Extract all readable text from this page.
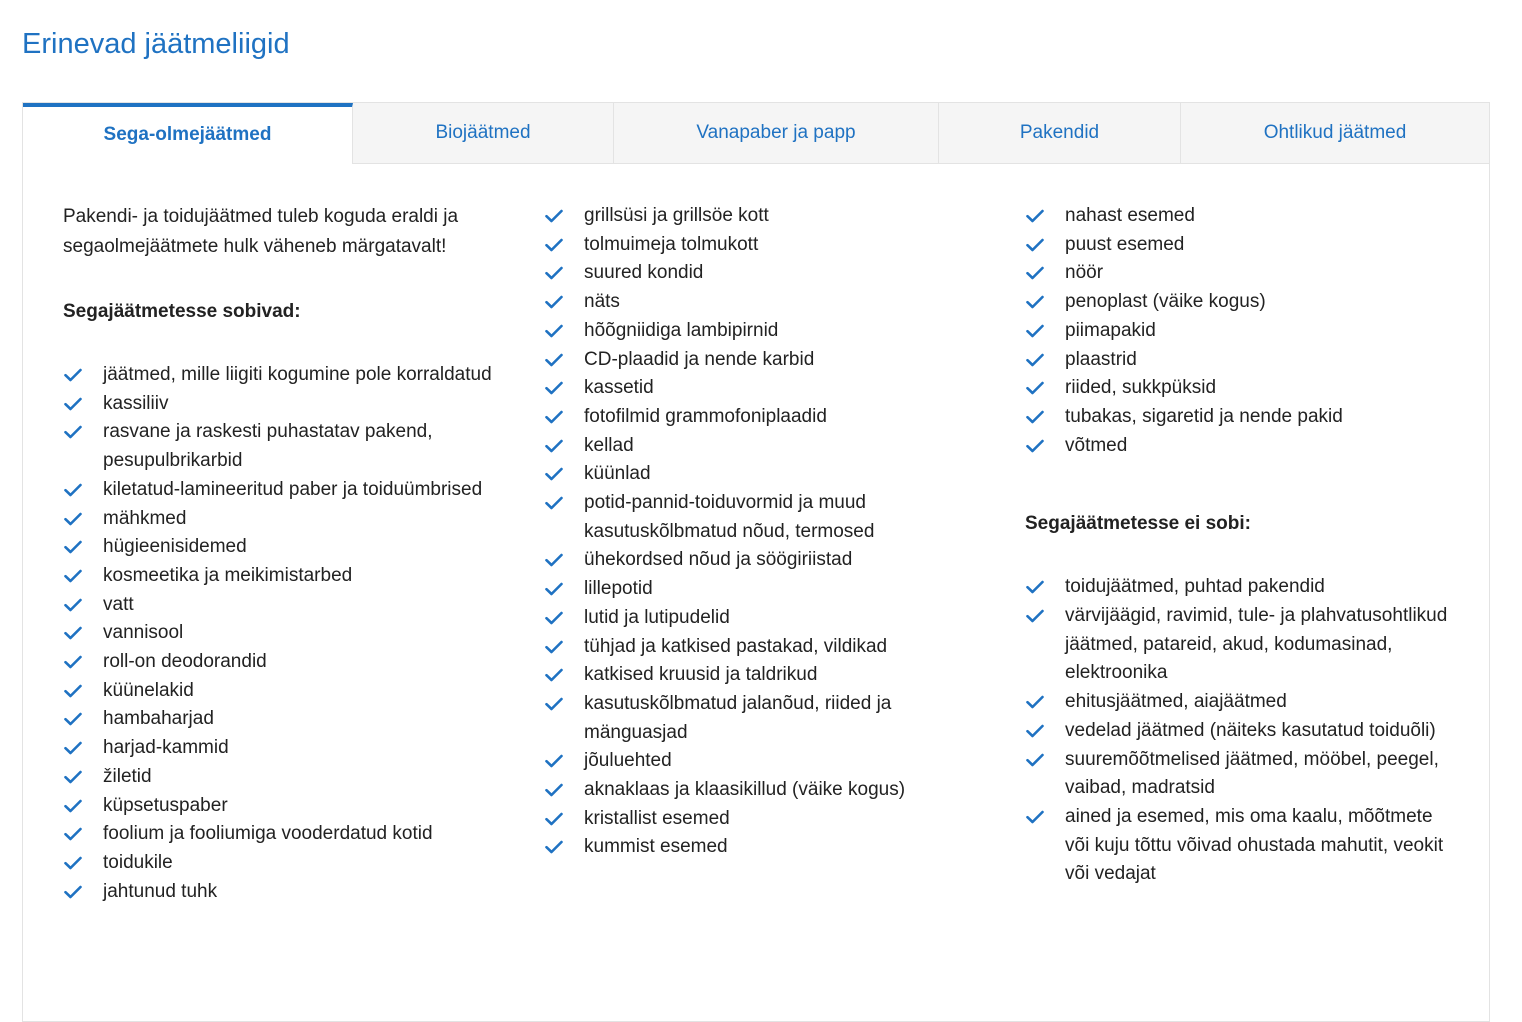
Erinevad jäätmeliigid
Sega-olmejäätmed	Biojäätmed	Vanapaber ja papp	Pakendid	Ohtlikud jäätmed

Pakendi- ja toidujäätmed tuleb koguda eraldi ja segaolmejäätmete hulk väheneb märgatavalt!

Segajäätmetesse sobivad:

jäätmed, mille liigiti kogumine pole korraldatud
kassiliiv
rasvane ja raskesti puhastatav pakend, pesupulbrikarbid
kiletatud-lamineeritud paber ja toiduümbrised
mähkmed
hügieenisidemed
kosmeetika ja meikimistarbed
vatt
vannisool
roll-on deodorandid
küünelakid
hambaharjad
harjad-kammid
žiletid
küpsetuspaber
foolium ja fooliumiga vooderdatud kotid
toidukile
jahtunud tuhk
grillsüsi ja grillsöe kott
tolmuimeja tolmukott
suured kondid
näts
hõõgniidiga lambipirnid
CD-plaadid ja nende karbid
kassetid
fotofilmid grammofoniplaadid
kellad
küünlad
potid-pannid-toiduvormid ja muud kasutuskõlbmatud nõud, termosed
ühekordsed nõud ja söögiriistad
lillepotid
lutid ja lutipudelid
tühjad ja katkised pastakad, vildikad
katkised kruusid ja taldrikud
kasutuskõlbmatud jalanõud, riided ja mänguasjad
jõuluehted
aknaklaas ja klaasikillud (väike kogus)
kristallist esemed
kummist esemed
nahast esemed
puust esemed
nöör
penoplast (väike kogus)
piimapakid
plaastrid
riided, sukkpüksid
tubakas, sigaretid ja nende pakid
võtmed

Segajäätmetesse ei sobi:

toidujäätmed, puhtad pakendid
värvijäägid, ravimid, tule- ja plahvatusohtlikud jäätmed, patareid, akud, kodumasinad, elektroonika
ehitusjäätmed, aiajäätmed
vedelad jäätmed (näiteks kasutatud toiduõli)
suuremõõtmelised jäätmed, mööbel, peegel, vaibad, madratsid
ained ja esemed, mis oma kaalu, mõõtmete või kuju tõttu võivad ohustada mahutit, veokit või vedajat
